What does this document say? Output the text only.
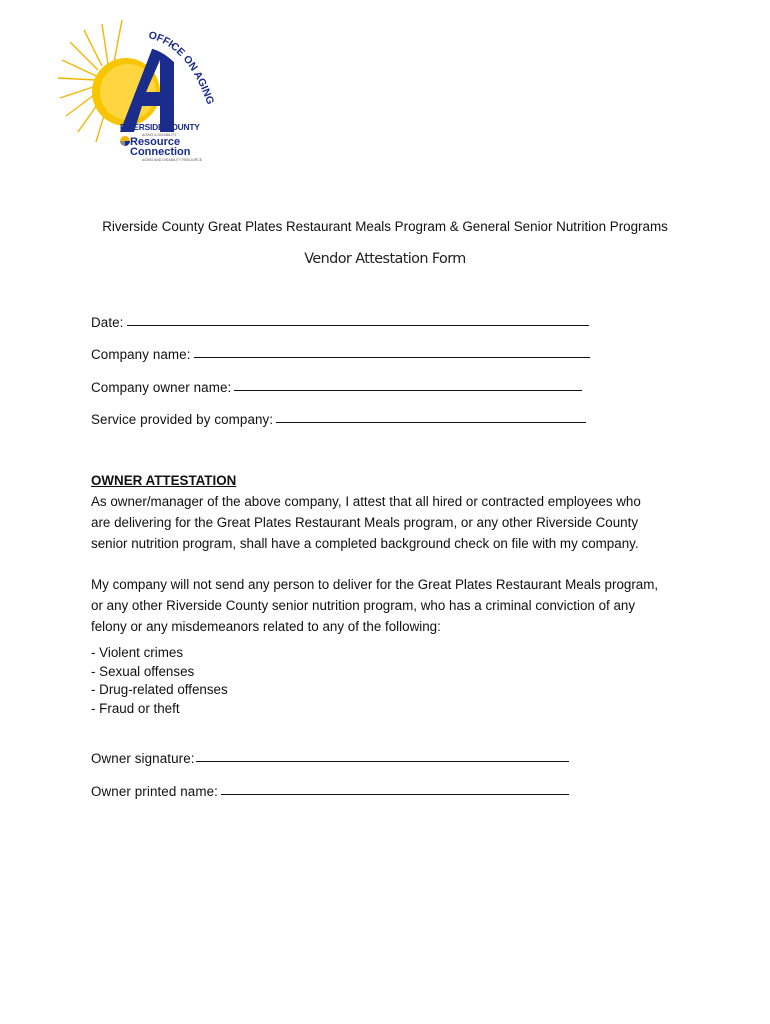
OFFICE ON AGING
RIVERSIDE COUNTY
AGING & DISABILITY
Resource
Connection
AGING AND DISABILITY RESOURCE
Riverside County Great Plates Restaurant Meals Program & General Senior Nutrition Programs
Vendor Attestation Form
Date:
Company name:
Company owner name:
Service provided by company:
OWNER ATTESTATION
As owner/manager of the above company, I attest that all hired or contracted employees who
are delivering for the Great Plates Restaurant Meals program, or any other Riverside County
senior nutrition program, shall have a completed background check on file with my company.
My company will not send any person to deliver for the Great Plates Restaurant Meals program,
or any other Riverside County senior nutrition program, who has a criminal conviction of any
felony or any misdemeanors related to any of the following:
- Violent crimes
- Sexual offenses
- Drug-related offenses
- Fraud or theft
Owner signature:
Owner printed name:
